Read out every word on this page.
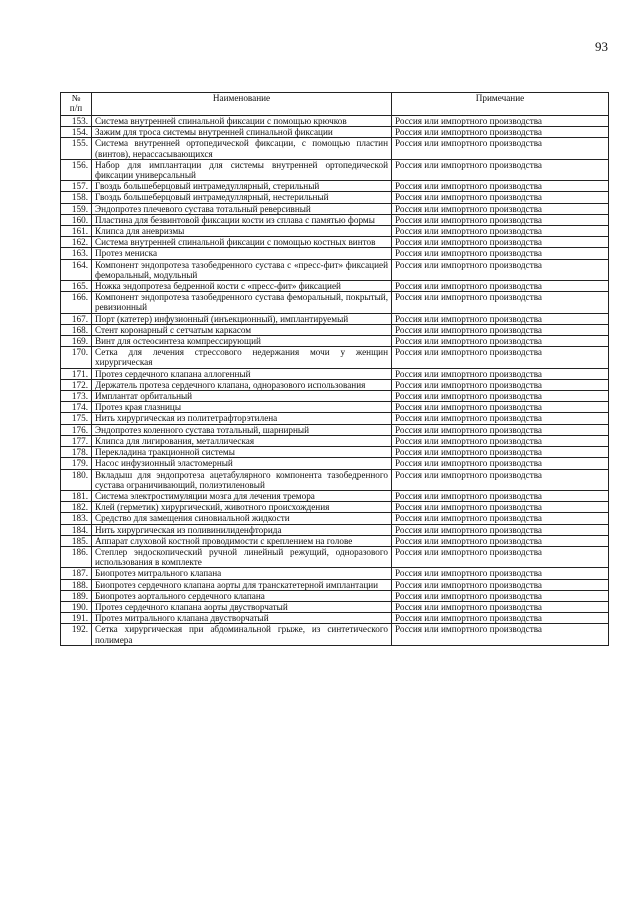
93
№
п/п	Наименование	Примечание
153.	Система внутренней спинальной фиксации с помощью крючков	Россия или импортного производства
154.	Зажим для троса системы внутренней спинальной фиксации	Россия или импортного производства
155.	Система внутренней ортопедической фиксации, с помощью пластин (винтов), нерассасывающихся	Россия или импортного производства
156.	Набор для имплантации для системы внутренней ортопедической фиксации универсальный	Россия или импортного производства
157.	Гвоздь большеберцовый интрамедуллярный, стерильный	Россия или импортного производства
158.	Гвоздь большеберцовый интрамедуллярный, нестерильный	Россия или импортного производства
159.	Эндопротез плечевого сустава тотальный реверсивный	Россия или импортного производства
160.	Пластина для безвинтовой фиксации кости из сплава с памятью формы	Россия или импортного производства
161.	Клипса для аневризмы	Россия или импортного производства
162.	Система внутренней спинальной фиксации с помощью костных винтов	Россия или импортного производства
163.	Протез мениска	Россия или импортного производства
164.	Компонент эндопротеза тазобедренного сустава с «пресс-фит» фиксацией феморальный, модульный	Россия или импортного производства
165.	Ножка эндопротеза бедренной кости с «пресс-фит» фиксацией	Россия или импортного производства
166.	Компонент эндопротеза тазобедренного сустава феморальный, покрытый, ревизионный	Россия или импортного производства
167.	Порт (катетер) инфузионный (инъекционный), имплантируемый	Россия или импортного производства
168.	Стент коронарный с сетчатым каркасом	Россия или импортного производства
169.	Винт для остеосинтеза компрессирующий	Россия или импортного производства
170.	Сетка для лечения стрессового недержания мочи у женщин хирургическая	Россия или импортного производства
171.	Протез сердечного клапана аллогенный	Россия или импортного производства
172.	Держатель протеза сердечного клапана, одноразового использования	Россия или импортного производства
173.	Имплантат орбитальный	Россия или импортного производства
174.	Протез края глазницы	Россия или импортного производства
175.	Нить хирургическая из политетрафторэтилена	Россия или импортного производства
176.	Эндопротез коленного сустава тотальный, шарнирный	Россия или импортного производства
177.	Клипса для лигирования, металлическая	Россия или импортного производства
178.	Перекладина тракционной системы	Россия или импортного производства
179.	Насос инфузионный эластомерный	Россия или импортного производства
180.	Вкладыш для эндопротеза ацетабулярного компонента тазобедренного сустава ограничивающий, полиэтиленовый	Россия или импортного производства
181.	Система электростимуляции мозга для лечения тремора	Россия или импортного производства
182.	Клей (герметик) хирургический, животного происхождения	Россия или импортного производства
183.	Средство для замещения синовиальной жидкости	Россия или импортного производства
184.	Нить хирургическая из поливинилиденфторида	Россия или импортного производства
185.	Аппарат слуховой костной проводимости с креплением на голове	Россия или импортного производства
186.	Степлер эндоскопический ручной линейный режущий, одноразового использования в комплекте	Россия или импортного производства
187.	Биопротез митрального клапана	Россия или импортного производства
188.	Биопротез сердечного клапана аорты для транскатетерной имплантации	Россия или импортного производства
189.	Биопротез аортального сердечного клапана	Россия или импортного производства
190.	Протез сердечного клапана аорты двустворчатый	Россия или импортного производства
191.	Протез митрального клапана двустворчатый	Россия или импортного производства
192.	Сетка хирургическая при абдоминальной грыже, из синтетического полимера	Россия или импортного производства
